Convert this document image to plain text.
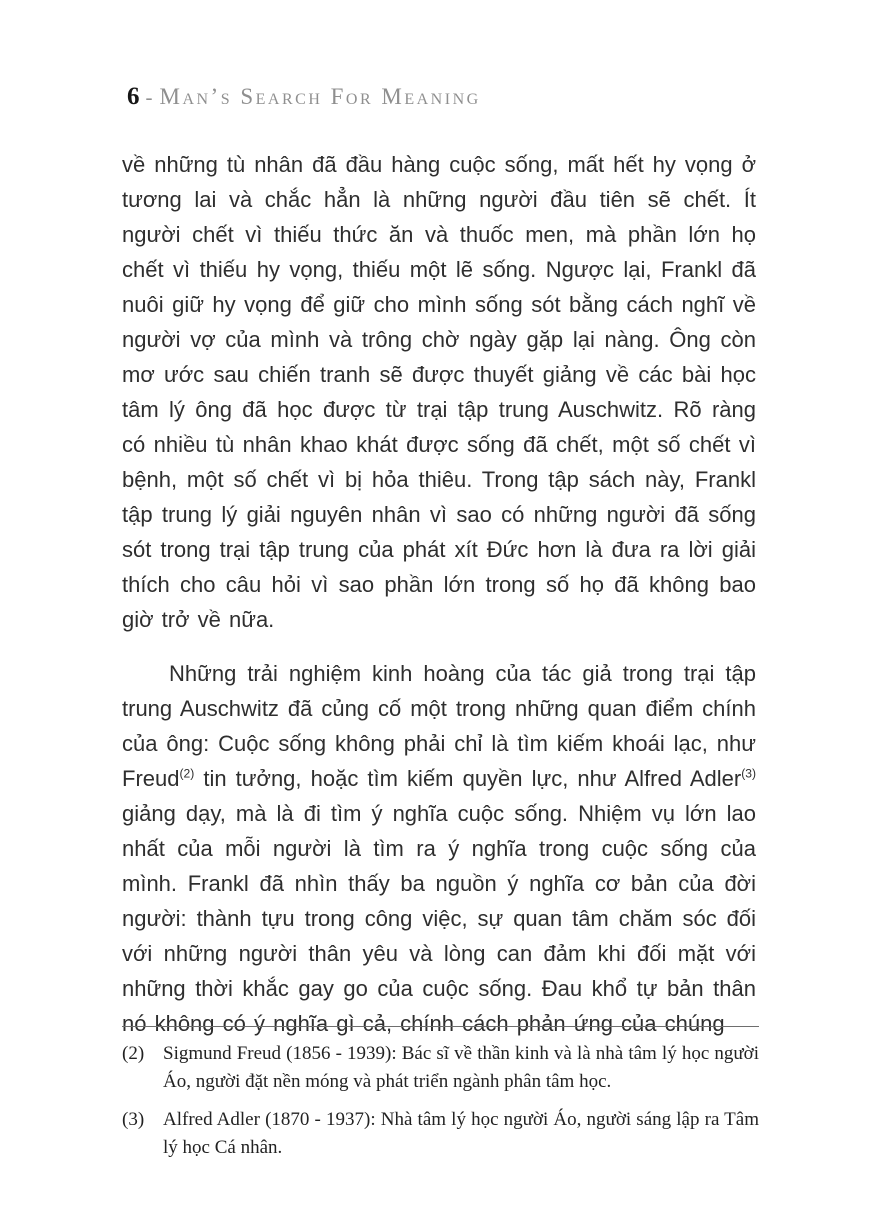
6 - Man’s Search For Meaning

về những tù nhân đã đầu hàng cuộc sống, mất hết hy vọng ở tương lai và chắc hẳn là những người đầu tiên sẽ chết. Ít người chết vì thiếu thức ăn và thuốc men, mà phần lớn họ chết vì thiếu hy vọng, thiếu một lẽ sống. Ngược lại, Frankl đã nuôi giữ hy vọng để giữ cho mình sống sót bằng cách nghĩ về người vợ của mình và trông chờ ngày gặp lại nàng. Ông còn mơ ước sau chiến tranh sẽ được thuyết giảng về các bài học tâm lý ông đã học được từ trại tập trung Auschwitz. Rõ ràng có nhiều tù nhân khao khát được sống đã chết, một số chết vì bệnh, một số chết vì bị hỏa thiêu. Trong tập sách này, Frankl tập trung lý giải nguyên nhân vì sao có những người đã sống sót trong trại tập trung của phát xít Đức hơn là đưa ra lời giải thích cho câu hỏi vì sao phần lớn trong số họ đã không bao giờ trở về nữa.

Những trải nghiệm kinh hoàng của tác giả trong trại tập trung Auschwitz đã củng cố một trong những quan điểm chính của ông: Cuộc sống không phải chỉ là tìm kiếm khoái lạc, như Freud$^{(2)}$ tin tưởng, hoặc tìm kiếm quyền lực, như Alfred Adler$^{(3)}$ giảng dạy, mà là đi tìm ý nghĩa cuộc sống. Nhiệm vụ lớn lao nhất của mỗi người là tìm ra ý nghĩa trong cuộc sống của mình. Frankl đã nhìn thấy ba nguồn ý nghĩa cơ bản của đời người: thành tựu trong công việc, sự quan tâm chăm sóc đối với những người thân yêu và lòng can đảm khi đối mặt với những thời khắc gay go của cuộc sống. Đau khổ tự bản thân nó không có ý nghĩa gì cả, chính cách phản ứng của chúng

(2) Sigmund Freud (1856 - 1939): Bác sĩ về thần kinh và là nhà tâm lý học người Áo, người đặt nền móng và phát triển ngành phân tâm học.
(3) Alfred Adler (1870 - 1937): Nhà tâm lý học người Áo, người sáng lập ra Tâm lý học Cá nhân.
